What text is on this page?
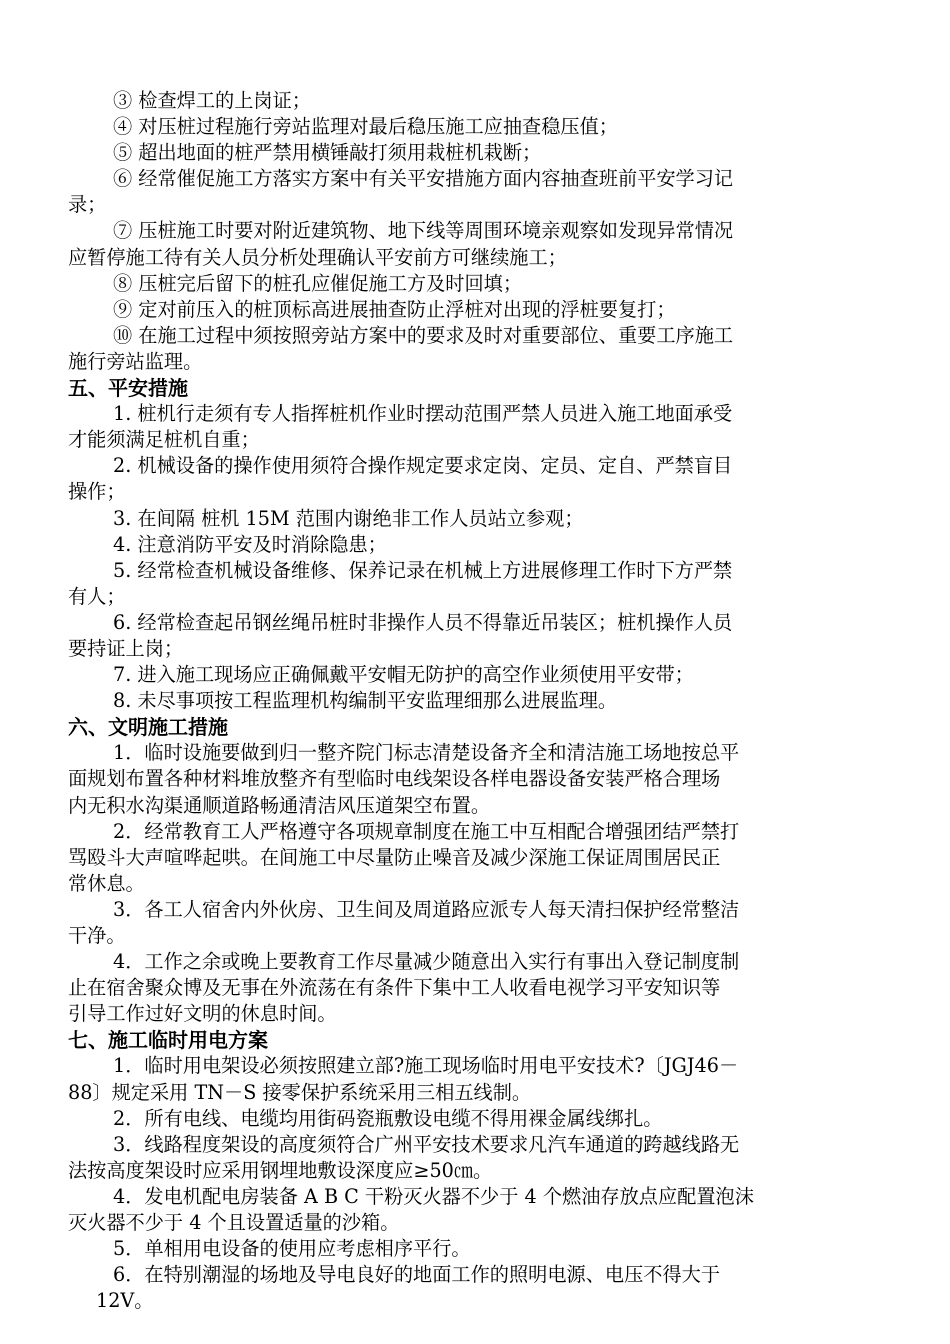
③ 检查焊工的上岗证；
④ 对压桩过程施行旁站监理对最后稳压施工应抽查稳压值；
⑤ 超出地面的桩严禁用横锤敲打须用栽桩机栽断；
⑥ 经常催促施工方落实方案中有关平安措施方面内容抽查班前平安学习记
录；
⑦ 压桩施工时要对附近建筑物、地下线等周围环境亲观察如发现异常情况
应暂停施工待有关人员分析处理确认平安前方可继续施工；
⑧ 压桩完后留下的桩孔应催促施工方及时回填；
⑨ 定对前压入的桩顶标高进展抽查防止浮桩对出现的浮桩要复打；
⑩ 在施工过程中须按照旁站方案中的要求及时对重要部位、重要工序施工
施行旁站监理。
五、平安措施
1. 桩机行走须有专人指挥桩机作业时摆动范围严禁人员进入施工地面承受
才能须满足桩机自重；
2. 机械设备的操作使用须符合操作规定要求定岗、定员、定自、严禁盲目
操作；
3. 在间隔 桩机 15M 范围内谢绝非工作人员站立参观；
4. 注意消防平安及时消除隐患；
5. 经常检查机械设备维修、保养记录在机械上方进展修理工作时下方严禁
有人；
6. 经常检查起吊钢丝绳吊桩时非操作人员不得靠近吊装区；桩机操作人员
要持证上岗；
7. 进入施工现场应正确佩戴平安帽无防护的高空作业须使用平安带；
8. 未尽事项按工程监理机构编制平安监理细那么进展监理。
六、文明施工措施
1．临时设施要做到归一整齐院门标志清楚设备齐全和清洁施工场地按总平
面规划布置各种材料堆放整齐有型临时电线架设各样电器设备安装严格合理场
内无积水沟渠通顺道路畅通清洁风压道架空布置。
2．经常教育工人严格遵守各项规章制度在施工中互相配合增强团结严禁打
骂殴斗大声喧哗起哄。在间施工中尽量防止噪音及减少深施工保证周围居民正
常休息。
3．各工人宿舍内外伙房、卫生间及周道路应派专人每天清扫保护经常整洁
干净。
4．工作之余或晚上要教育工作尽量减少随意出入实行有事出入登记制度制
止在宿舍聚众博及无事在外流荡在有条件下集中工人收看电视学习平安知识等
引导工作过好文明的休息时间。
七、施工临时用电方案
1．临时用电架设必须按照建立部?施工现场临时用电平安技术?〔JGJ46－
88〕规定采用 TN－S 接零保护系统采用三相五线制。
2．所有电线、电缆均用街码瓷瓶敷设电缆不得用裸金属线绑扎。
3．线路程度架设的高度须符合广州平安技术要求凡汽车通道的跨越线路无
法按高度架设时应采用钢埋地敷设深度应≥50㎝。
4．发电机配电房装备 A B C 干粉灭火器不少于 4 个燃油存放点应配置泡沫
灭火器不少于 4 个且设置适量的沙箱。
5．单相用电设备的使用应考虑相序平行。
6．在特别潮湿的场地及导电良好的地面工作的照明电源、电压不得大于
12V。
